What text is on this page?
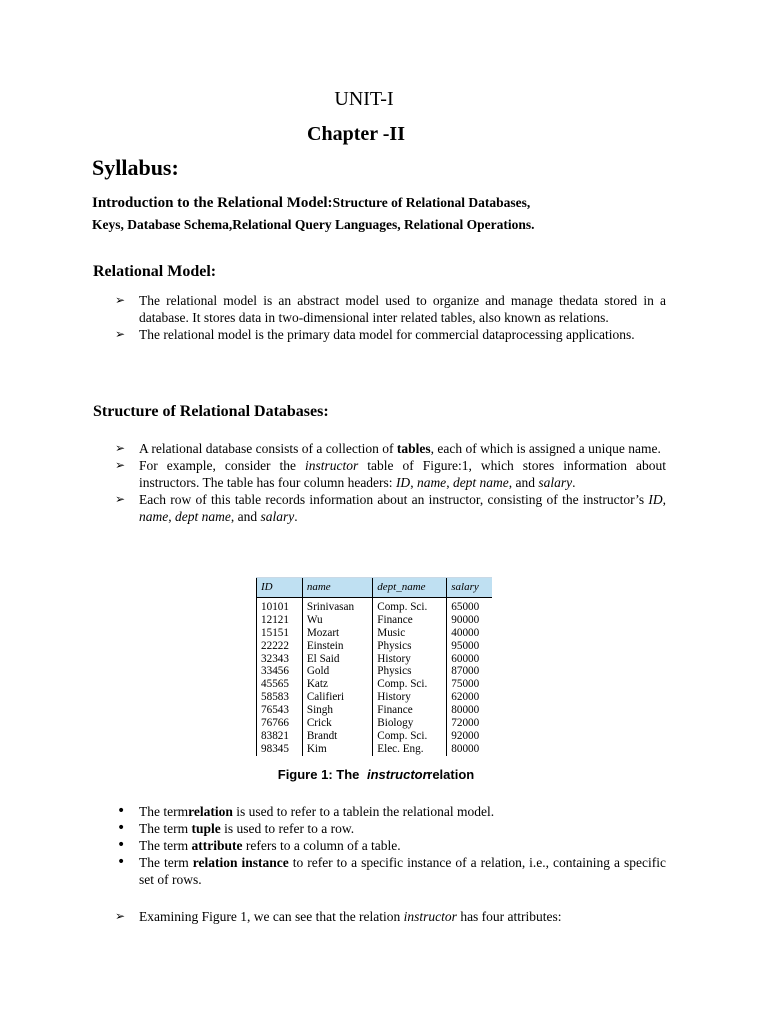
UNIT-I
Chapter -II
Syllabus:
Introduction to the Relational Model:Structure of Relational Databases,
Keys, Database Schema,Relational Query Languages, Relational Operations.
Relational Model:
➢ The relational model is an abstract model used to organize and manage thedata stored in a database. It stores data in two-dimensional inter related tables, also known as relations.
➢ The relational model is the primary data model for commercial dataprocessing applications.
Structure of Relational Databases:
➢ A relational database consists of a collection of tables, each of which is assigned a unique name.
➢ For example, consider the instructor table of Figure:1, which stores information about instructors. The table has four column headers: ID, name, dept name, and salary.
➢ Each row of this table records information about an instructor, consisting of the instructor’s ID, name, dept name, and salary.
ID	name	dept_name	salary
10101	Srinivasan	Comp. Sci.	65000
12121	Wu	Finance	90000
15151	Mozart	Music	40000
22222	Einstein	Physics	95000
32343	El Said	History	60000
33456	Gold	Physics	87000
45565	Katz	Comp. Sci.	75000
58583	Califieri	History	62000
76543	Singh	Finance	80000
76766	Crick	Biology	72000
83821	Brandt	Comp. Sci.	92000
98345	Kim	Elec. Eng.	80000
Figure 1: The instructor relation
• The termrelation is used to refer to a tablein the relational model.
• The term tuple is used to refer to a row.
• The term attribute refers to a column of a table.
• The term relation instance to refer to a specific instance of a relation, i.e., containing a specific set of rows.
➢ Examining Figure 1, we can see that the relation instructor has four attributes:
